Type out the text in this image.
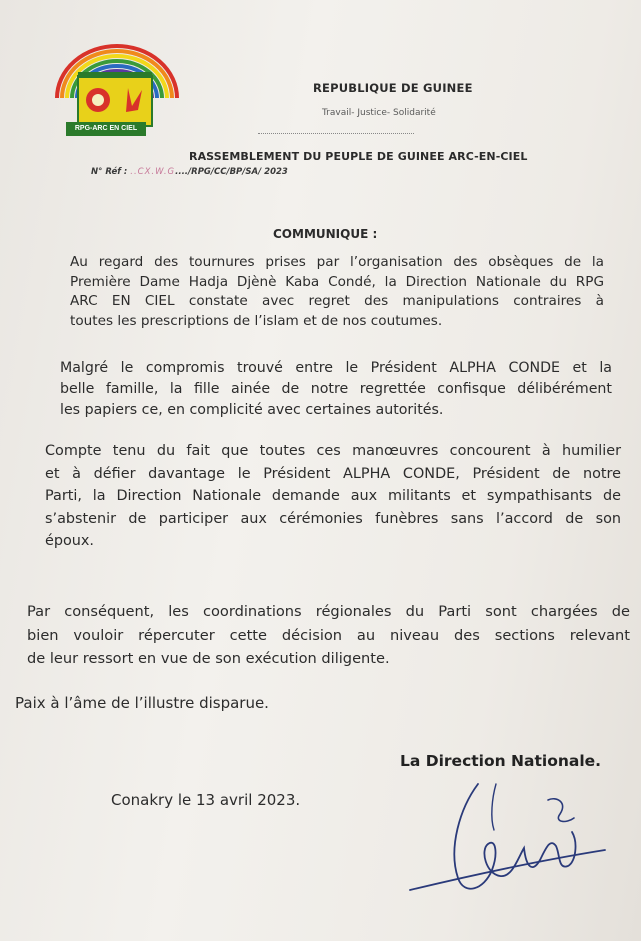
RPG-ARC EN CIEL
REPUBLIQUE DE GUINEE
Travail- Justice- Solidarité
RASSEMBLEMENT DU PEUPLE DE GUINEE ARC-EN-CIEL
N° Réf : ..CX.W.G..../RPG/CC/BP/SA/ 2023
COMMUNIQUE :
Au regard des tournures prises par l’organisation des obsèques de la
Première Dame Hadja Djènè Kaba Condé, la Direction Nationale du RPG
ARC EN CIEL constate avec regret des manipulations contraires à
toutes les prescriptions de l’islam et de nos coutumes.
Malgré le compromis trouvé entre le Président ALPHA CONDE et la
belle famille, la fille ainée de notre regrettée confisque délibérément
les papiers ce, en complicité avec certaines autorités.
Compte tenu du fait que toutes ces manœuvres concourent à humilier
et à défier davantage le Président ALPHA CONDE, Président de notre
Parti, la Direction Nationale demande aux militants et sympathisants de
s’abstenir de participer aux cérémonies funèbres sans l’accord de son
époux.
Par conséquent, les coordinations régionales du Parti sont chargées de
bien vouloir répercuter cette décision au niveau des sections relevant
de leur ressort en vue de son exécution diligente.
Paix à l’âme de l’illustre disparue.
La Direction Nationale.
Conakry le 13 avril 2023.
